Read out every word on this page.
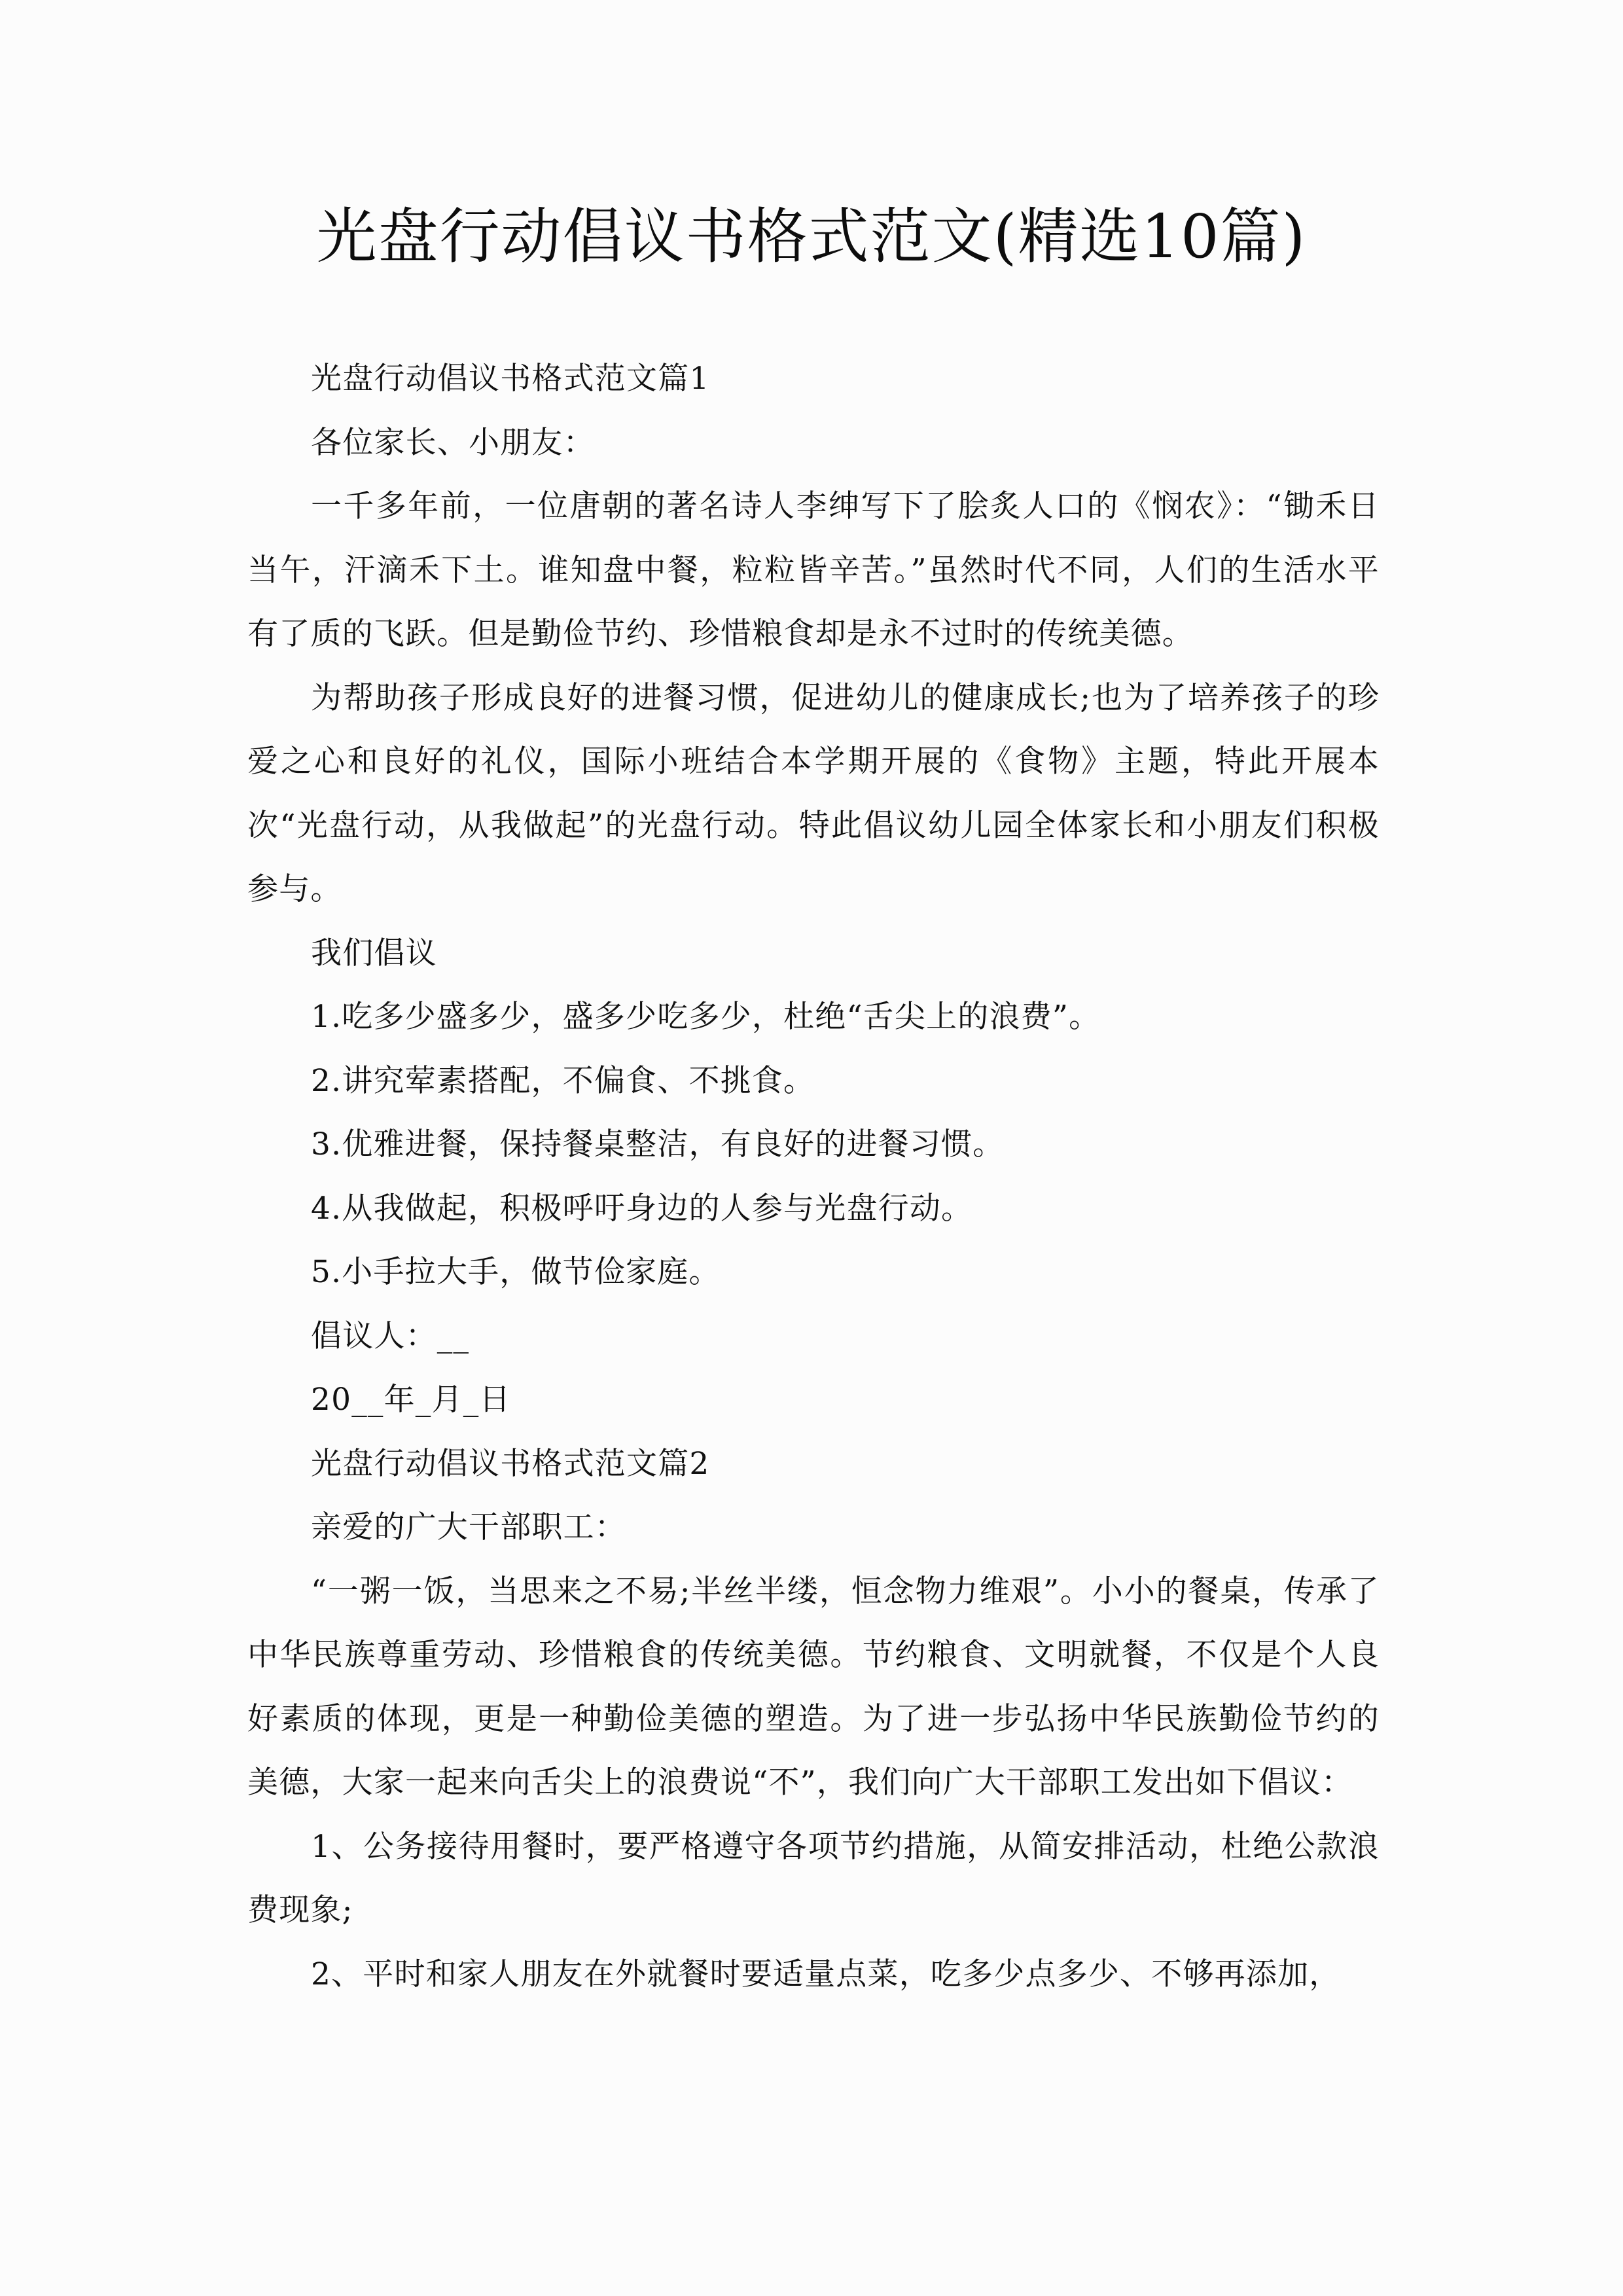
光盘行动倡议书格式范文(精选10篇)

光盘行动倡议书格式范文篇1

各位家长、小朋友：

一千多年前，一位唐朝的著名诗人李绅写下了脍炙人口的《悯农》：“锄禾日当午，汗滴禾下土。谁知盘中餐，粒粒皆辛苦。”虽然时代不同，人们的生活水平有了质的飞跃。但是勤俭节约、珍惜粮食却是永不过时的传统美德。

为帮助孩子形成良好的进餐习惯，促进幼儿的健康成长;也为了培养孩子的珍爱之心和良好的礼仪，国际小班结合本学期开展的《食物》主题，特此开展本次“光盘行动，从我做起”的光盘行动。特此倡议幼儿园全体家长和小朋友们积极参与。

我们倡议

1.吃多少盛多少，盛多少吃多少，杜绝“舌尖上的浪费”。

2.讲究荤素搭配，不偏食、不挑食。

3.优雅进餐，保持餐桌整洁，有良好的进餐习惯。

4.从我做起，积极呼吁身边的人参与光盘行动。

5.小手拉大手，做节俭家庭。

倡议人：__

20__年_月_日

光盘行动倡议书格式范文篇2

亲爱的广大干部职工：

“一粥一饭，当思来之不易;半丝半缕，恒念物力维艰”。小小的餐桌，传承了中华民族尊重劳动、珍惜粮食的传统美德。节约粮食、文明就餐，不仅是个人良好素质的体现，更是一种勤俭美德的塑造。为了进一步弘扬中华民族勤俭节约的美德，大家一起来向舌尖上的浪费说“不”，我们向广大干部职工发出如下倡议：

1、公务接待用餐时，要严格遵守各项节约措施，从简安排活动，杜绝公款浪费现象;

2、平时和家人朋友在外就餐时要适量点菜，吃多少点多少、不够再添加，
